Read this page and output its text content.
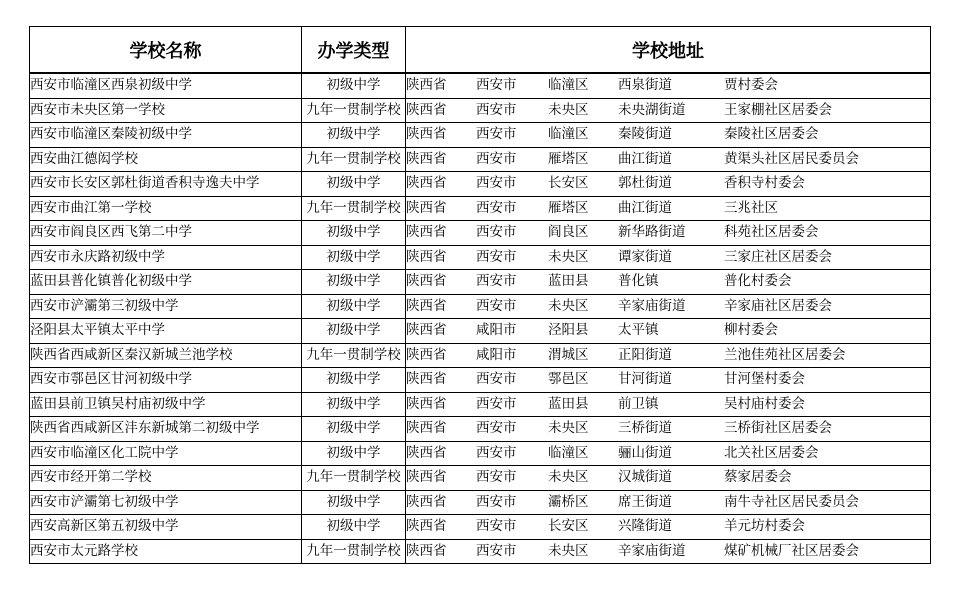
学校名称	办学类型	学校地址
西安市临潼区西泉初级中学	初级中学	陕西省 西安市 临潼区 西泉街道 贾村委会
西安市未央区第一学校	九年一贯制学校	陕西省 西安市 未央区 未央湖街道 王家棚社区居委会
西安市临潼区秦陵初级中学	初级中学	陕西省 西安市 临潼区 秦陵街道 秦陵社区居委会
西安曲江德闳学校	九年一贯制学校	陕西省 西安市 雁塔区 曲江街道 黄渠头社区居民委员会
西安市长安区郭杜街道香积寺逸夫中学	初级中学	陕西省 西安市 长安区 郭杜街道 香积寺村委会
西安市曲江第一学校	九年一贯制学校	陕西省 西安市 雁塔区 曲江街道 三兆社区
西安市阎良区西飞第二中学	初级中学	陕西省 西安市 阎良区 新华路街道 科苑社区居委会
西安市永庆路初级中学	初级中学	陕西省 西安市 未央区 谭家街道 三家庄社区居委会
蓝田县普化镇普化初级中学	初级中学	陕西省 西安市 蓝田县 普化镇 普化村委会
西安市浐灞第三初级中学	初级中学	陕西省 西安市 未央区 辛家庙街道 辛家庙社区居委会
泾阳县太平镇太平中学	初级中学	陕西省 咸阳市 泾阳县 太平镇 柳村委会
陕西省西咸新区秦汉新城兰池学校	九年一贯制学校	陕西省 咸阳市 渭城区 正阳街道 兰池佳苑社区居委会
西安市鄠邑区甘河初级中学	初级中学	陕西省 西安市 鄠邑区 甘河街道 甘河堡村委会
蓝田县前卫镇吴村庙初级中学	初级中学	陕西省 西安市 蓝田县 前卫镇 吴村庙村委会
陕西省西咸新区沣东新城第二初级中学	初级中学	陕西省 西安市 未央区 三桥街道 三桥街社区居委会
西安市临潼区化工院中学	初级中学	陕西省 西安市 临潼区 骊山街道 北关社区居委会
西安市经开第二学校	九年一贯制学校	陕西省 西安市 未央区 汉城街道 蔡家居委会
西安市浐灞第七初级中学	初级中学	陕西省 西安市 灞桥区 席王街道 南牛寺社区居民委员会
西安高新区第五初级中学	初级中学	陕西省 西安市 长安区 兴隆街道 羊元坊村委会
西安市太元路学校	九年一贯制学校	陕西省 西安市 未央区 辛家庙街道 煤矿机械厂社区居委会
